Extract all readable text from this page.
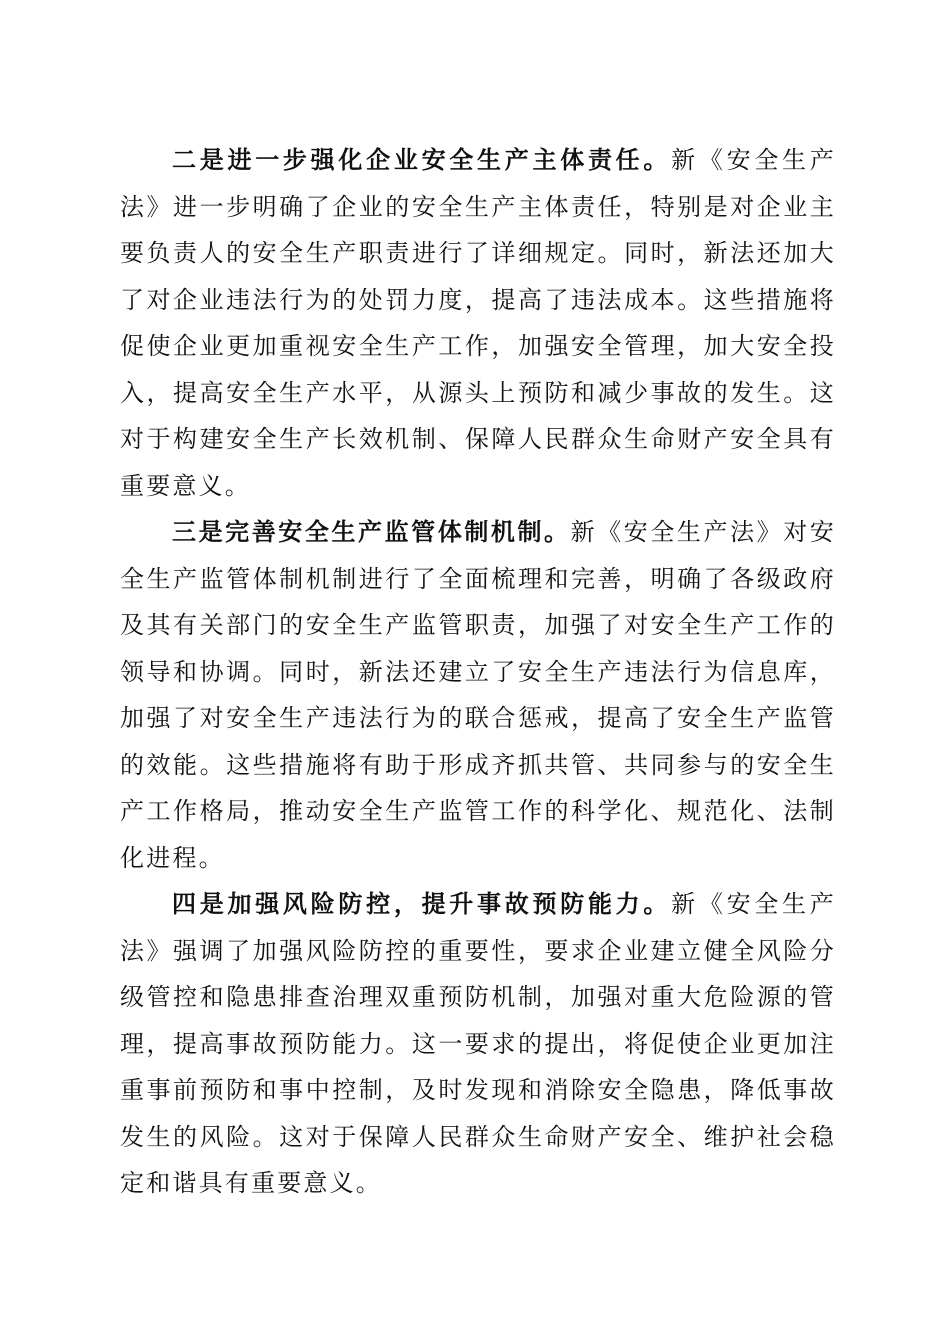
二是进一步强化企业安全生产主体责任。新《安全生产法》进一步明确了企业的安全生产主体责任，特别是对企业主要负责人的安全生产职责进行了详细规定。同时，新法还加大了对企业违法行为的处罚力度，提高了违法成本。这些措施将促使企业更加重视安全生产工作，加强安全管理，加大安全投入，提高安全生产水平，从源头上预防和减少事故的发生。这对于构建安全生产长效机制、保障人民群众生命财产安全具有重要意义。

三是完善安全生产监管体制机制。新《安全生产法》对安全生产监管体制机制进行了全面梳理和完善，明确了各级政府及其有关部门的安全生产监管职责，加强了对安全生产工作的领导和协调。同时，新法还建立了安全生产违法行为信息库，加强了对安全生产违法行为的联合惩戒，提高了安全生产监管的效能。这些措施将有助于形成齐抓共管、共同参与的安全生产工作格局，推动安全生产监管工作的科学化、规范化、法制化进程。

四是加强风险防控，提升事故预防能力。新《安全生产法》强调了加强风险防控的重要性，要求企业建立健全风险分级管控和隐患排查治理双重预防机制，加强对重大危险源的管理，提高事故预防能力。这一要求的提出，将促使企业更加注重事前预防和事中控制，及时发现和消除安全隐患，降低事故发生的风险。这对于保障人民群众生命财产安全、维护社会稳定和谐具有重要意义。
